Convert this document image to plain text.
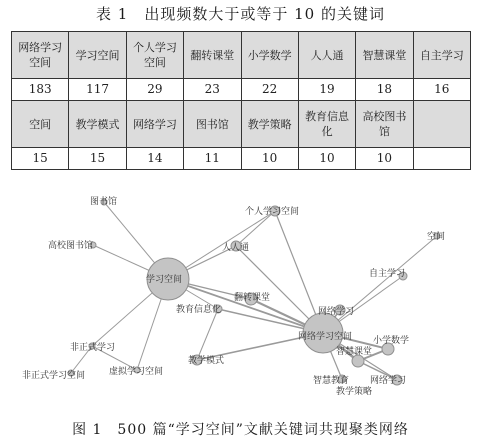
表 1　出现频数大于或等于 10 的关键词
网络学习空间	学习空间	个人学习空间	翻转课堂	小学数学	人人通	智慧课堂	自主学习
183	117	29	23	22	19	18	16
空间	教学模式	网络学习	图书馆	教学策略	教育信息化	高校图书馆	
15	15	14	11	10	10	10	
图书馆
高校图书馆
学习空间
个人学习空间
人人通
空间
自主学习
翻转课堂
教育信息化	网络学习
网络学习空间
智慧课堂
小学数学
非正式学习
非正式学习空间	虚拟学习空间
教学模式
智慧教育
教学策略
网络学习
图 1　500 篇“学习空间”文献关键词共现聚类网络
